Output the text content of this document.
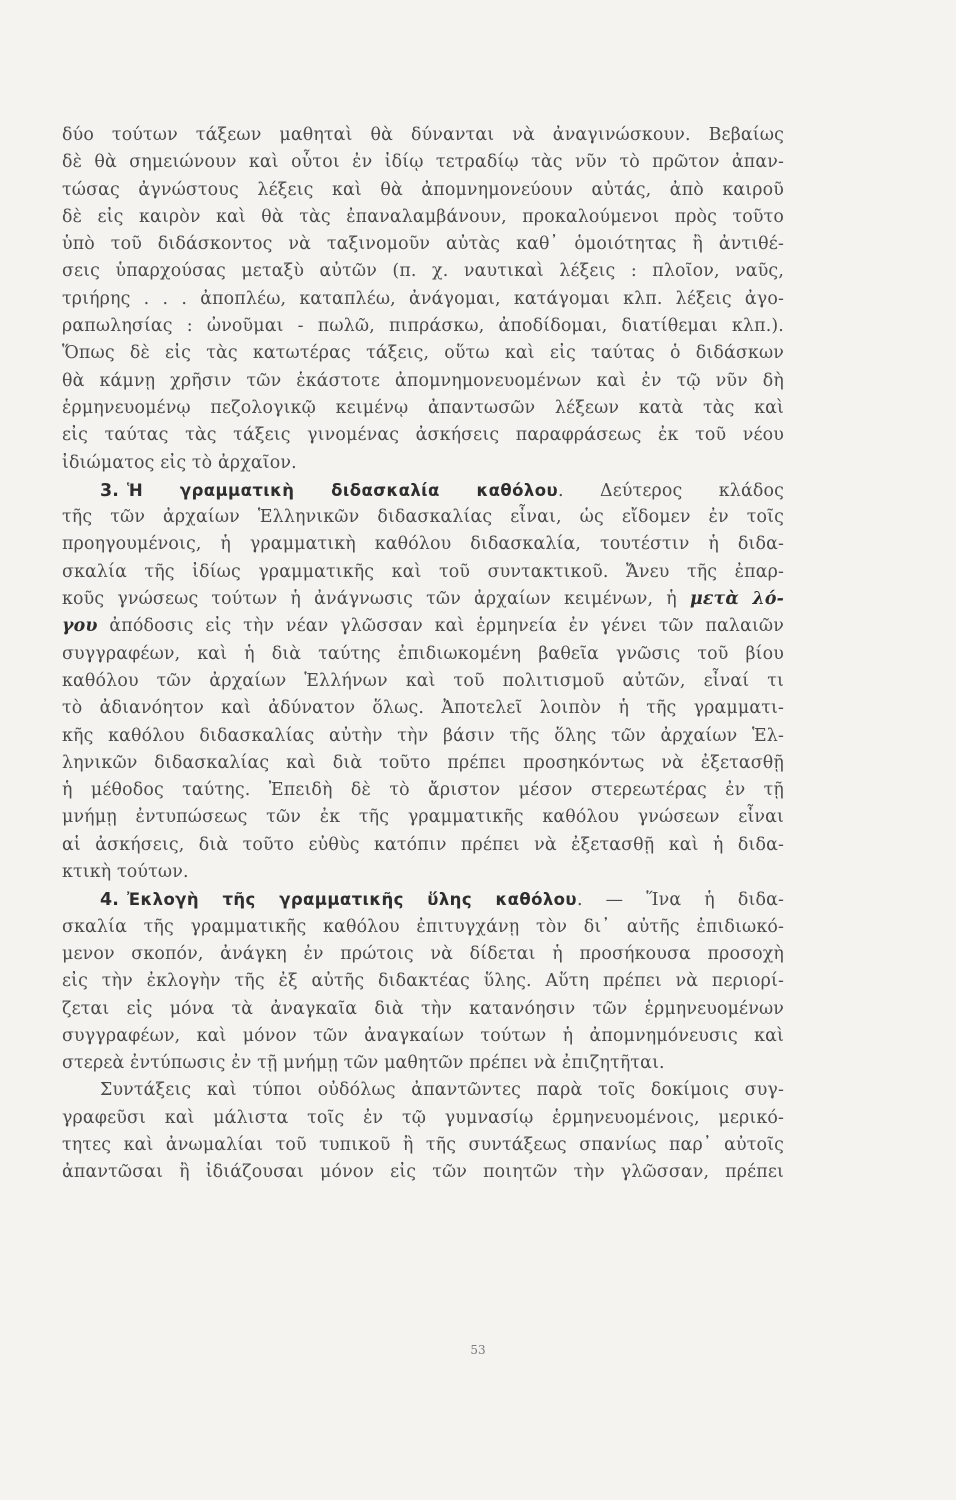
δύο τούτων τάξεων μαθηταὶ θὰ δύνανται νὰ ἀναγινώσκουν. Βεβαίως
δὲ θὰ σημειώνουν καὶ οὗτοι ἐν ἰδίῳ τετραδίῳ τὰς νῦν τὸ πρῶτον ἀπαν-
τώσας ἀγνώστους λέξεις καὶ θὰ ἀπομνημονεύουν αὐτάς, ἀπὸ καιροῦ
δὲ εἰς καιρὸν καὶ θὰ τὰς ἐπαναλαμβάνουν, προκαλούμενοι πρὸς τοῦτο
ὑπὸ τοῦ διδάσκοντος νὰ ταξινομοῦν αὐτὰς καθ᾽ ὁμοιότητας ἢ ἀντιθέ-
σεις ὑπαρχούσας μεταξὺ αὐτῶν (π. χ. ναυτικαὶ λέξεις : πλοῖον, ναῦς,
τριήρης . . . ἀποπλέω, καταπλέω, ἀνάγομαι, κατάγομαι κλπ. λέξεις ἀγο-
ραπωλησίας : ὠνοῦμαι - πωλῶ, πιπράσκω, ἀποδίδομαι, διατίθεμαι κλπ.).
Ὅπως δὲ εἰς τὰς κατωτέρας τάξεις, οὕτω καὶ εἰς ταύτας ὁ διδάσκων
θὰ κάμνῃ χρῆσιν τῶν ἑκάστοτε ἀπομνημονευομένων καὶ ἐν τῷ νῦν δὴ
ἑρμηνευομένῳ πεζολογικῷ κειμένῳ ἀπαντωσῶν λέξεων κατὰ τὰς καὶ
εἰς ταύτας τὰς τάξεις γινομένας ἀσκήσεις παραφράσεως ἐκ τοῦ νέου
ἰδιώματος εἰς τὸ ἀρχαῖον.
3. Ἡ γραμματικὴ διδασκαλία καθόλου. Δεύτερος κλάδος
τῆς τῶν ἀρχαίων Ἑλληνικῶν διδασκαλίας εἶναι, ὡς εἴδομεν ἐν τοῖς
προηγουμένοις, ἡ γραμματικὴ καθόλου διδασκαλία, τουτέστιν ἡ διδα-
σκαλία τῆς ἰδίως γραμματικῆς καὶ τοῦ συντακτικοῦ. Ἄνευ τῆς ἐπαρ-
κοῦς γνώσεως τούτων ἡ ἀνάγνωσις τῶν ἀρχαίων κειμένων, ἡ μετὰ λό-
γου ἀπόδοσις εἰς τὴν νέαν γλῶσσαν καὶ ἑρμηνεία ἐν γένει τῶν παλαιῶν
συγγραφέων, καὶ ἡ διὰ ταύτης ἐπιδιωκομένη βαθεῖα γνῶσις τοῦ βίου
καθόλου τῶν ἀρχαίων Ἑλλήνων καὶ τοῦ πολιτισμοῦ αὐτῶν, εἶναί τι
τὸ ἀδιανόητον καὶ ἀδύνατον ὅλως. Ἀποτελεῖ λοιπὸν ἡ τῆς γραμματι-
κῆς καθόλου διδασκαλίας αὐτὴν τὴν βάσιν τῆς ὅλης τῶν ἀρχαίων Ἑλ-
ληνικῶν διδασκαλίας καὶ διὰ τοῦτο πρέπει προσηκόντως νὰ ἐξετασθῇ
ἡ μέθοδος ταύτης. Ἐπειδὴ δὲ τὸ ἄριστον μέσον στερεωτέρας ἐν τῇ
μνήμῃ ἐντυπώσεως τῶν ἐκ τῆς γραμματικῆς καθόλου γνώσεων εἶναι
αἱ ἀσκήσεις, διὰ τοῦτο εὐθὺς κατόπιν πρέπει νὰ ἐξετασθῇ καὶ ἡ διδα-
κτικὴ τούτων.
4. Ἐκλογὴ τῆς γραμματικῆς ὕλης καθόλου. — Ἵνα ἡ διδα-
σκαλία τῆς γραμματικῆς καθόλου ἐπιτυγχάνῃ τὸν δι᾽ αὐτῆς ἐπιδιωκό-
μενον σκοπόν, ἀνάγκη ἐν πρώτοις νὰ δίδεται ἡ προσήκουσα προσοχὴ
εἰς τὴν ἐκλογὴν τῆς ἐξ αὐτῆς διδακτέας ὕλης. Αὕτη πρέπει νὰ περιορί-
ζεται εἰς μόνα τὰ ἀναγκαῖα διὰ τὴν κατανόησιν τῶν ἑρμηνευομένων
συγγραφέων, καὶ μόνον τῶν ἀναγκαίων τούτων ἡ ἀπομνημόνευσις καὶ
στερεὰ ἐντύπωσις ἐν τῇ μνήμῃ τῶν μαθητῶν πρέπει νὰ ἐπιζητῆται.
Συντάξεις καὶ τύποι οὐδόλως ἀπαντῶντες παρὰ τοῖς δοκίμοις συγ-
γραφεῦσι καὶ μάλιστα τοῖς ἐν τῷ γυμνασίῳ ἑρμηνευομένοις, μερικό-
τητες καὶ ἀνωμαλίαι τοῦ τυπικοῦ ἢ τῆς συντάξεως σπανίως παρ᾽ αὐτοῖς
ἀπαντῶσαι ἢ ἰδιάζουσαι μόνον εἰς τῶν ποιητῶν τὴν γλῶσσαν, πρέπει
53
